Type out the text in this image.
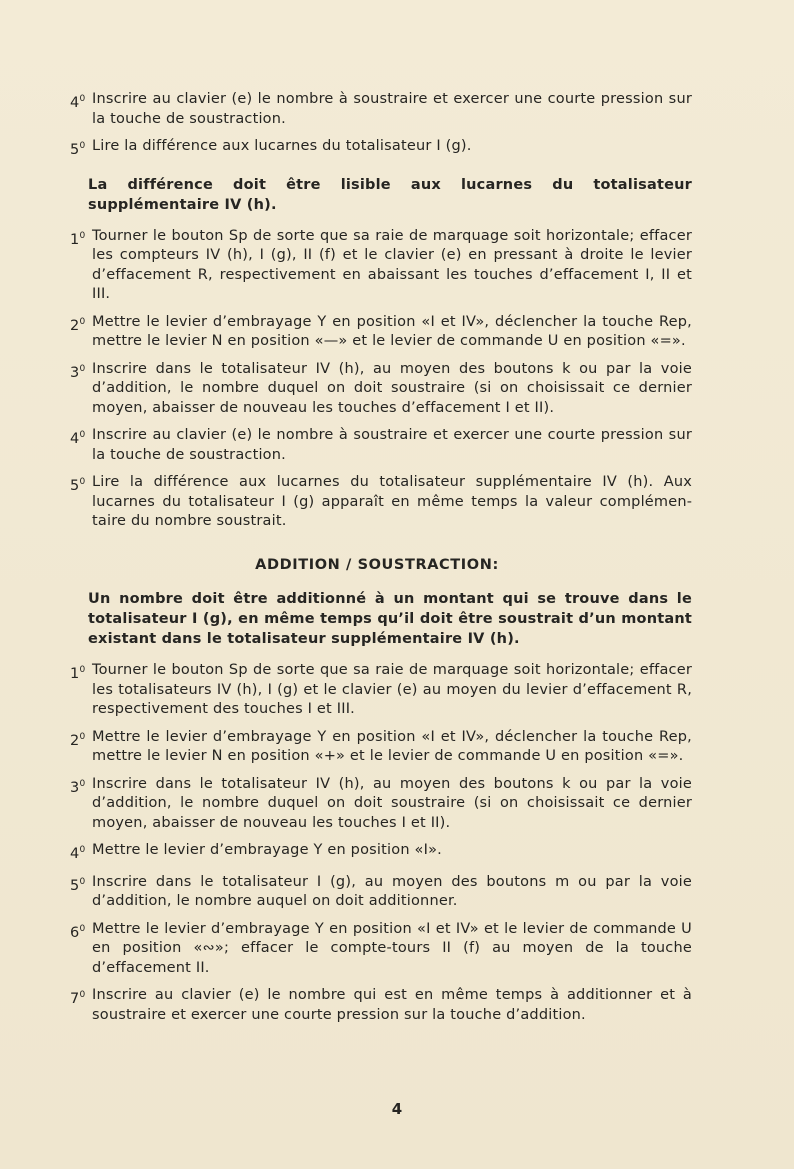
$4^0$ Inscrire au clavier (e) le nombre à soustraire et exercer une courte pression sur la touche de soustraction.
$5^0$ Lire la différence aux lucarnes du totalisateur I (g).
La différence doit être lisible aux lucarnes du totalisateur supplémentaire IV (h).
$1^0$ Tourner le bouton Sp de sorte que sa raie de marquage soit horizontale; effacer les compteurs IV (h), I (g), II (f) et le clavier (e) en pressant à droite le levier d’effacement R, respectivement en abaissant les touches d’effacement I, II et III.
$2^0$ Mettre le levier d’embrayage Y en position «I et IV», déclencher la touche Rep, mettre le levier N en position «—» et le levier de commande U en position «=».
$3^0$ Inscrire dans le totalisateur IV (h), au moyen des boutons k ou par la voie d’addition, le nombre duquel on doit soustraire (si on choisissait ce dernier moyen, abaisser de nouveau les touches d’effacement I et II).
$4^0$ Inscrire au clavier (e) le nombre à soustraire et exercer une courte pression sur la touche de soustraction.
$5^0$ Lire la différence aux lucarnes du totalisateur supplémentaire IV (h). Aux lucarnes du totalisateur I (g) apparaît en même temps la valeur complémentaire du nombre soustrait.
ADDITION / SOUSTRACTION:
Un nombre doit être additionné à un montant qui se trouve dans le totalisateur I (g), en même temps qu’il doit être soustrait d’un montant existant dans le totalisateur supplémentaire IV (h).
$1^0$ Tourner le bouton Sp de sorte que sa raie de marquage soit horizontale; effacer les totalisateurs IV (h), I (g) et le clavier (e) au moyen du levier d’effacement R, respectivement des touches I et III.
$2^0$ Mettre le levier d’embrayage Y en position «I et IV», déclencher la touche Rep, mettre le levier N en position «+» et le levier de commande U en position «=».
$3^0$ Inscrire dans le totalisateur IV (h), au moyen des boutons k ou par la voie d’addition, le nombre duquel on doit soustraire (si on choisissait ce dernier moyen, abaisser de nouveau les touches I et II).
$4^0$ Mettre le levier d’embrayage Y en position «I».
$5^0$ Inscrire dans le totalisateur I (g), au moyen des boutons m ou par la voie d’addition, le nombre auquel on doit additionner.
$6^0$ Mettre le levier d’embrayage Y en position «I et IV» et le levier de commande U en position «∾»; effacer le compte-tours II (f) au moyen de la touche d’effacement II.
$7^0$ Inscrire au clavier (e) le nombre qui est en même temps à additionner et à soustraire et exercer une courte pression sur la touche d’addition.
4
